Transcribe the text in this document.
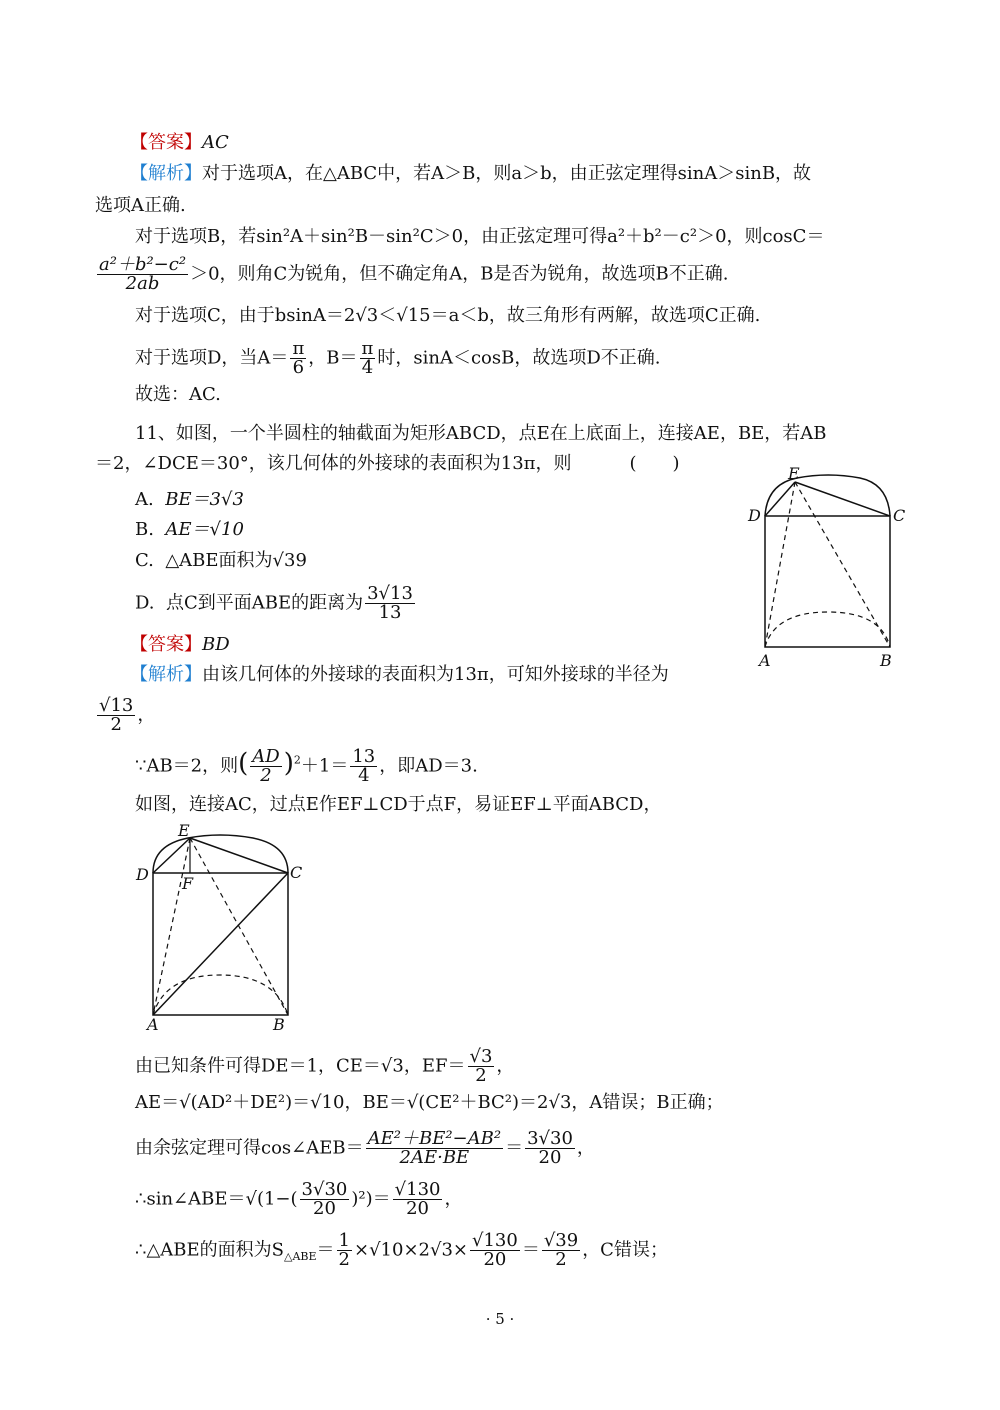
【答案】AC
【解析】对于选项A，在△ABC中，若A＞B，则a＞b，由正弦定理得sinA＞sinB，故
选项A正确.
对于选项B，若sin²A＋sin²B－sin²C＞0，由正弦定理可得a²＋b²－c²＞0，则cosC＝
$\frac{\text{a²＋b²−c²}}{2ab} >0$，则角C为锐角，但不确定角A，B是否为锐角，故选项B不正确.
对于选项C，由于bsinA＝2√3＜√15＝a＜b，故三角形有两解，故选项C正确.
对于选项D，当$A= \frac{\pi}{6}$ ，$B= \frac{\pi}{4}$ 时，sinA＜cosB，故选项D不正确.
故选：AC.
11、如图，一个半圆柱的轴截面为矩形ABCD，点E在上底面上，连接AE，BE，若AB
＝2，∠DCE＝30°，该几何体的外接球的表面积为13π，则	(　　)
A. BE＝3√3
B. AE＝√10
C. △ABE面积为√39
D. 点C到平面ABE的距离为 $\frac{3√13}{13}$
E
D	C
A	B
【答案】BD
【解析】由该几何体的外接球的表面积为13π，可知外接球的半径为
$\frac{√13}{2}$ ，
∵AB＝2，则( $\frac{AD}{2} )^2+1= \frac{13}{4}$ ，即AD＝3.
如图，连接AC，过点E作EF⊥CD于点F，易证EF⊥平面ABCD，
E
D F
C
A	B
由已知条件可得DE＝1，CE＝√3，$EF= \frac{√3}{2}$ ，
AE＝√(AD²＋DE²)＝√10，BE＝√(CE²＋BC²)＝2√3，A错误；B正确；
由余弦定理可得cos∠AEB＝ $\frac{\text{AE²＋BE²−AB²}}{2AE\cdot BE} = \frac{3√30}{20}$ ，
∴sin∠ABE＝√(1−( $\frac{3√30}{20} )^2)= \frac{√130}{20}$ ，
∴△ABE的面积为$S_{\triangle ABE}= \frac{1}{2} \times√10\times 2√3\times \frac{√130}{20} = \frac{√39}{2}$ ，C错误；
· 5 ·
